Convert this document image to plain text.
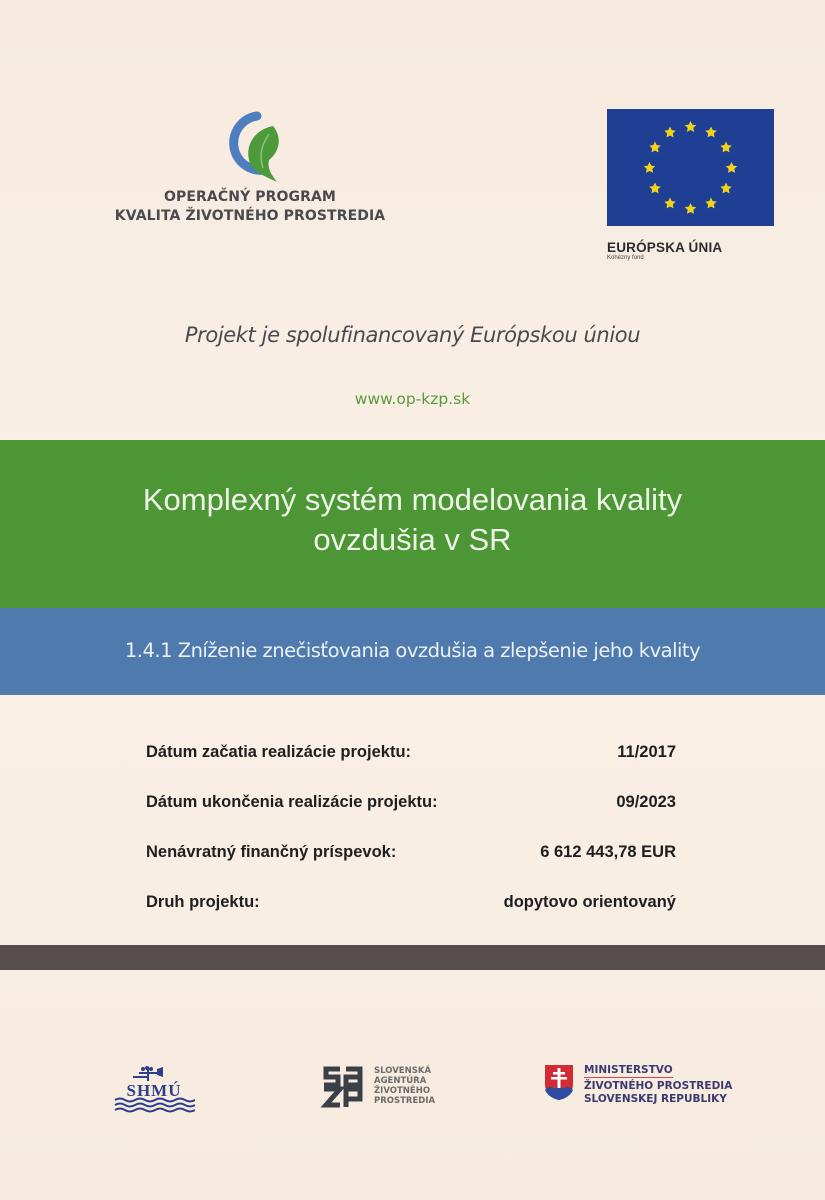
OPERAČNÝ PROGRAM
KVALITA ŽIVOTNÉHO PROSTREDIA
EURÓPSKA ÚNIA
Kohézny fond
Projekt je spolufinancovaný Európskou úniou
www.op-kzp.sk
Komplexný systém modelovania kvality
ovzdušia v SR
1.4.1 Zníženie znečisťovania ovzdušia a zlepšenie jeho kvality
Dátum začatia realizácie projektu:	11/2017
Dátum ukončenia realizácie projektu:	09/2023
Nenávratný finančný príspevok:	6 612 443,78 EUR
Druh projektu:	dopytovo orientovaný
SHMÚ
SLOVENSKÁ
AGENTÚRA
ŽIVOTNÉHO
PROSTREDIA
MINISTERSTVO
ŽIVOTNÉHO PROSTREDIA
SLOVENSKEJ REPUBLIKY
